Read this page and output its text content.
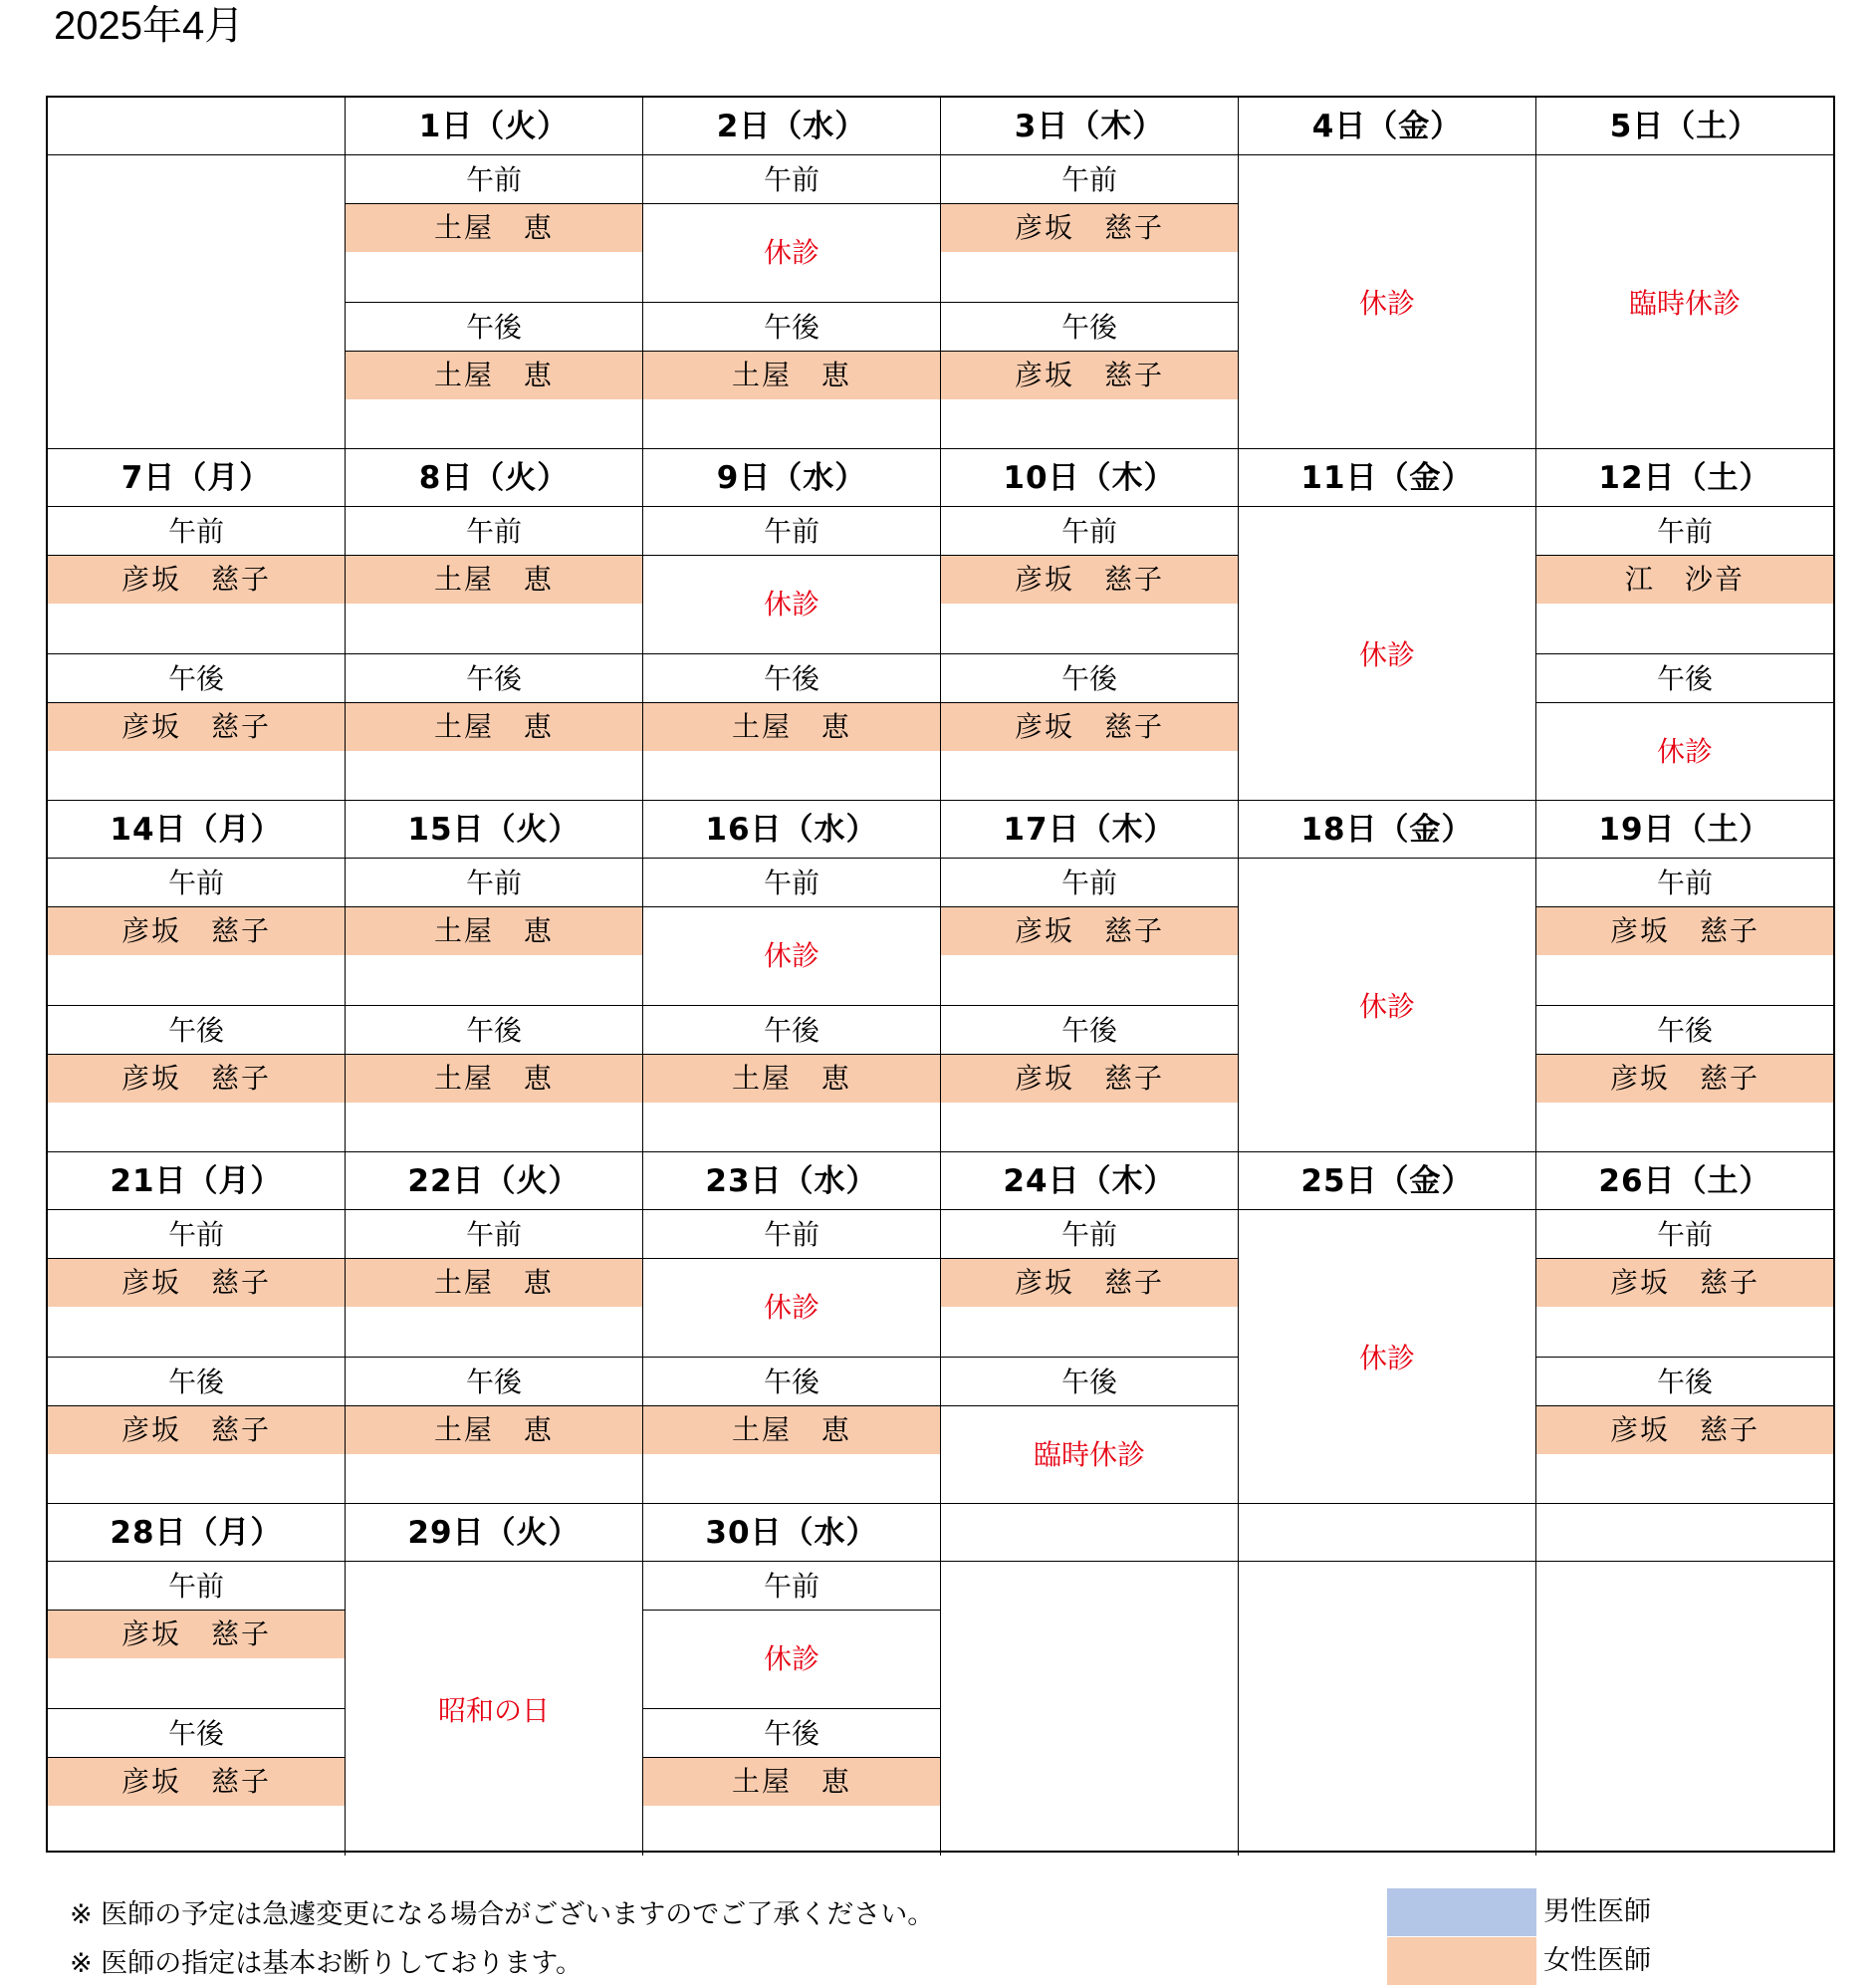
2025年4月
1日（火）
午前
土屋　恵
午後
土屋　恵
2日（水）
午前
休診
午後
土屋　恵
3日（木）
午前
彦坂　慈子
午後
彦坂　慈子
4日（金）
休診
5日（土）
臨時休診
7日（月）
午前
彦坂　慈子
午後
彦坂　慈子
8日（火）
午前
土屋　恵
午後
土屋　恵
9日（水）
午前
休診
午後
土屋　恵
10日（木）
午前
彦坂　慈子
午後
彦坂　慈子
11日（金）
休診
12日（土）
午前
江　沙音
午後
休診
14日（月）
午前
彦坂　慈子
午後
彦坂　慈子
15日（火）
午前
土屋　恵
午後
土屋　恵
16日（水）
午前
休診
午後
土屋　恵
17日（木）
午前
彦坂　慈子
午後
彦坂　慈子
18日（金）
休診
19日（土）
午前
彦坂　慈子
午後
彦坂　慈子
21日（月）
午前
彦坂　慈子
午後
彦坂　慈子
22日（火）
午前
土屋　恵
午後
土屋　恵
23日（水）
午前
休診
午後
土屋　恵
24日（木）
午前
彦坂　慈子
午後
臨時休診
25日（金）
休診
26日（土）
午前
彦坂　慈子
午後
彦坂　慈子
28日（月）
午前
彦坂　慈子
午後
彦坂　慈子
29日（火）
昭和の日
30日（水）
午前
休診
午後
土屋　恵
※ 医師の予定は急遽変更になる場合がございますのでご了承ください。
※ 医師の指定は基本お断りしております。
男性医師
女性医師
